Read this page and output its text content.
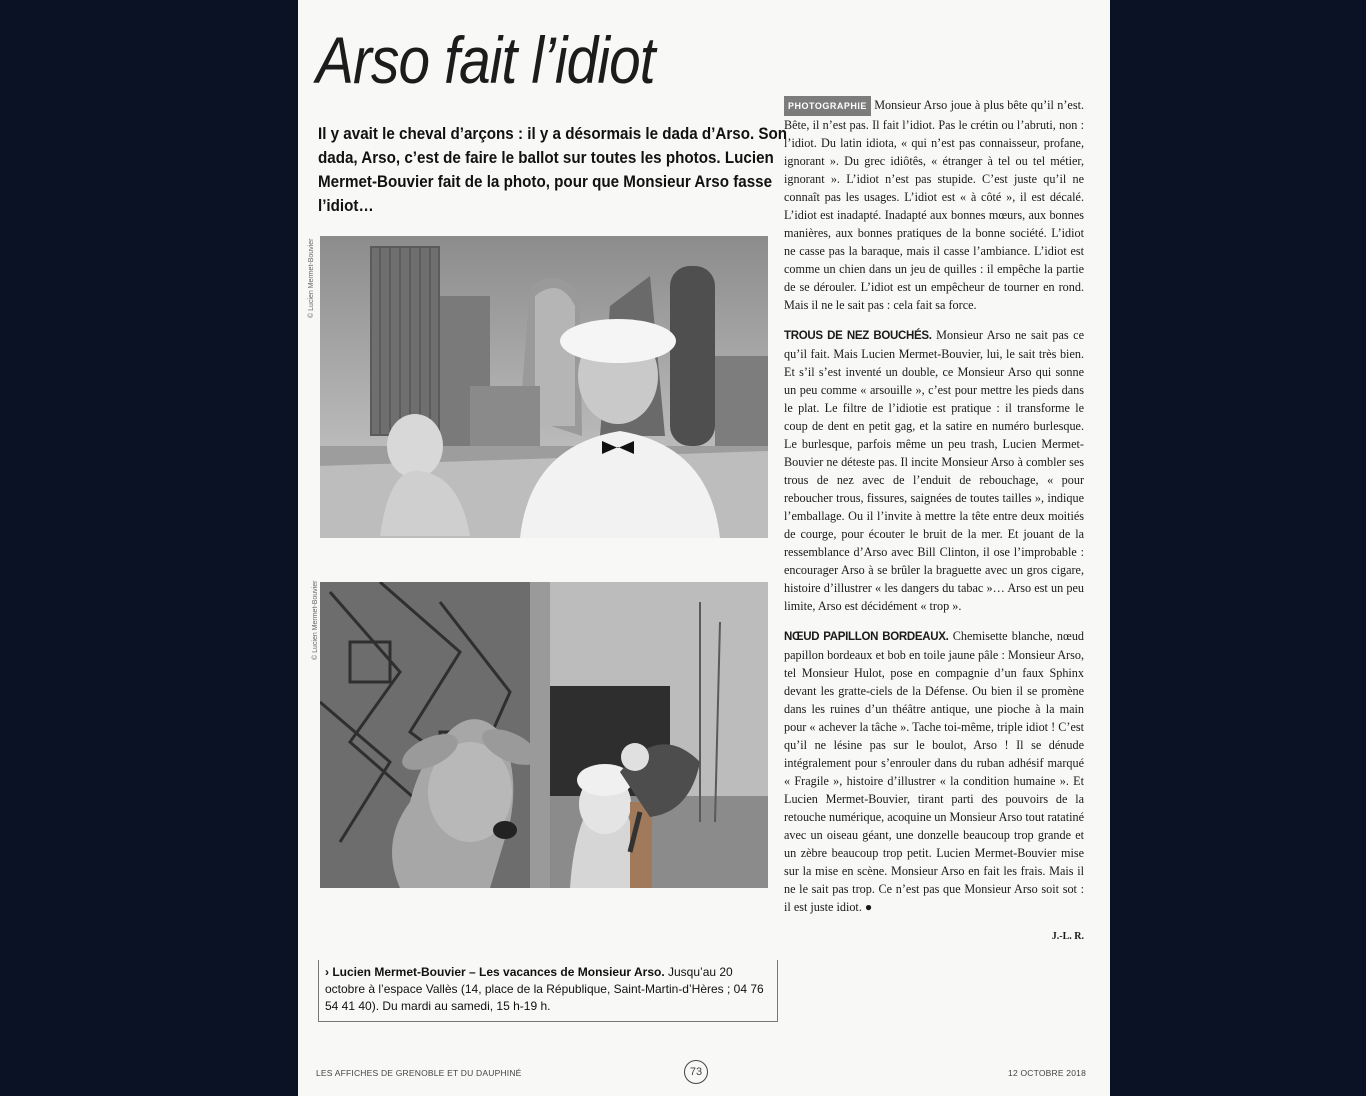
Arso fait l’idiot
Il y avait le cheval d’arçons : il y a désormais le dada d’Arso. Son dada, Arso, c’est de faire le ballot sur toutes les photos. Lucien Mermet-Bouvier fait de la photo, pour que Monsieur Arso fasse l’idiot…
© Lucien Mermet-Bouvier
© Lucien Mermet-Bouvier
› Lucien Mermet-Bouvier – Les vacances de Monsieur Arso. Jusqu’au 20 octobre à l’espace Vallès (14, place de la République, Saint-Martin-d’Hères ; 04 76 54 41 40). Du mardi au samedi, 15 h-19 h.

PHOTOGRAPHIE Monsieur Arso joue à plus bête qu’il n’est. Bête, il n’est pas. Il fait l’idiot. Pas le crétin ou l’abruti, non : l’idiot. Du latin idiota, « qui n’est pas connaisseur, profane, ignorant ». Du grec idiôtês, « étranger à tel ou tel métier, ignorant ». L’idiot n’est pas stupide. C’est juste qu’il ne connaît pas les usages. L’idiot est « à côté », il est décalé. L’idiot est inadapté. Inadapté aux bonnes mœurs, aux bonnes manières, aux bonnes pratiques de la bonne société. L’idiot ne casse pas la baraque, mais il casse l’ambiance. L’idiot est comme un chien dans un jeu de quilles : il empêche la partie de se dérouler. L’idiot est un empêcheur de tourner en rond. Mais il ne le sait pas : cela fait sa force.

TROUS DE NEZ BOUCHÉS. Monsieur Arso ne sait pas ce qu’il fait. Mais Lucien Mermet-Bouvier, lui, le sait très bien. Et s’il s’est inventé un double, ce Monsieur Arso qui sonne un peu comme « arsouille », c’est pour mettre les pieds dans le plat. Le filtre de l’idiotie est pratique : il transforme le coup de dent en petit gag, et la satire en numéro burlesque. Le burlesque, parfois même un peu trash, Lucien Mermet-Bouvier ne déteste pas. Il incite Monsieur Arso à combler ses trous de nez avec de l’enduit de rebouchage, « pour reboucher trous, fissures, saignées de toutes tailles », indique l’emballage. Ou il l’invite à mettre la tête entre deux moitiés de courge, pour écouter le bruit de la mer. Et jouant de la ressemblance d’Arso avec Bill Clinton, il ose l’improbable : encourager Arso à se brûler la braguette avec un gros cigare, histoire d’illustrer « les dangers du tabac »… Arso est un peu limite, Arso est décidément « trop ».

NŒUD PAPILLON BORDEAUX. Chemisette blanche, nœud papillon bordeaux et bob en toile jaune pâle : Monsieur Arso, tel Monsieur Hulot, pose en compagnie d’un faux Sphinx devant les gratte-ciels de la Défense. Ou bien il se promène dans les ruines d’un théâtre antique, une pioche à la main pour « achever la tâche ». Tache toi-même, triple idiot ! C’est qu’il ne lésine pas sur le boulot, Arso ! Il se dénude intégralement pour s’enrouler dans du ruban adhésif marqué « Fragile », histoire d’illustrer « la condition humaine ». Et Lucien Mermet-Bouvier, tirant parti des pouvoirs de la retouche numérique, acoquine un Monsieur Arso tout ratatiné avec un oiseau géant, une donzelle beaucoup trop grande et un zèbre beaucoup trop petit. Lucien Mermet-Bouvier mise sur la mise en scène. Monsieur Arso en fait les frais. Mais il ne le sait pas trop. Ce n’est pas que Monsieur Arso soit sot : il est juste idiot. ●

J.-L. R.
LES AFFICHES DE GRENOBLE ET DU DAUPHINÉ	73	12 OCTOBRE 2018
